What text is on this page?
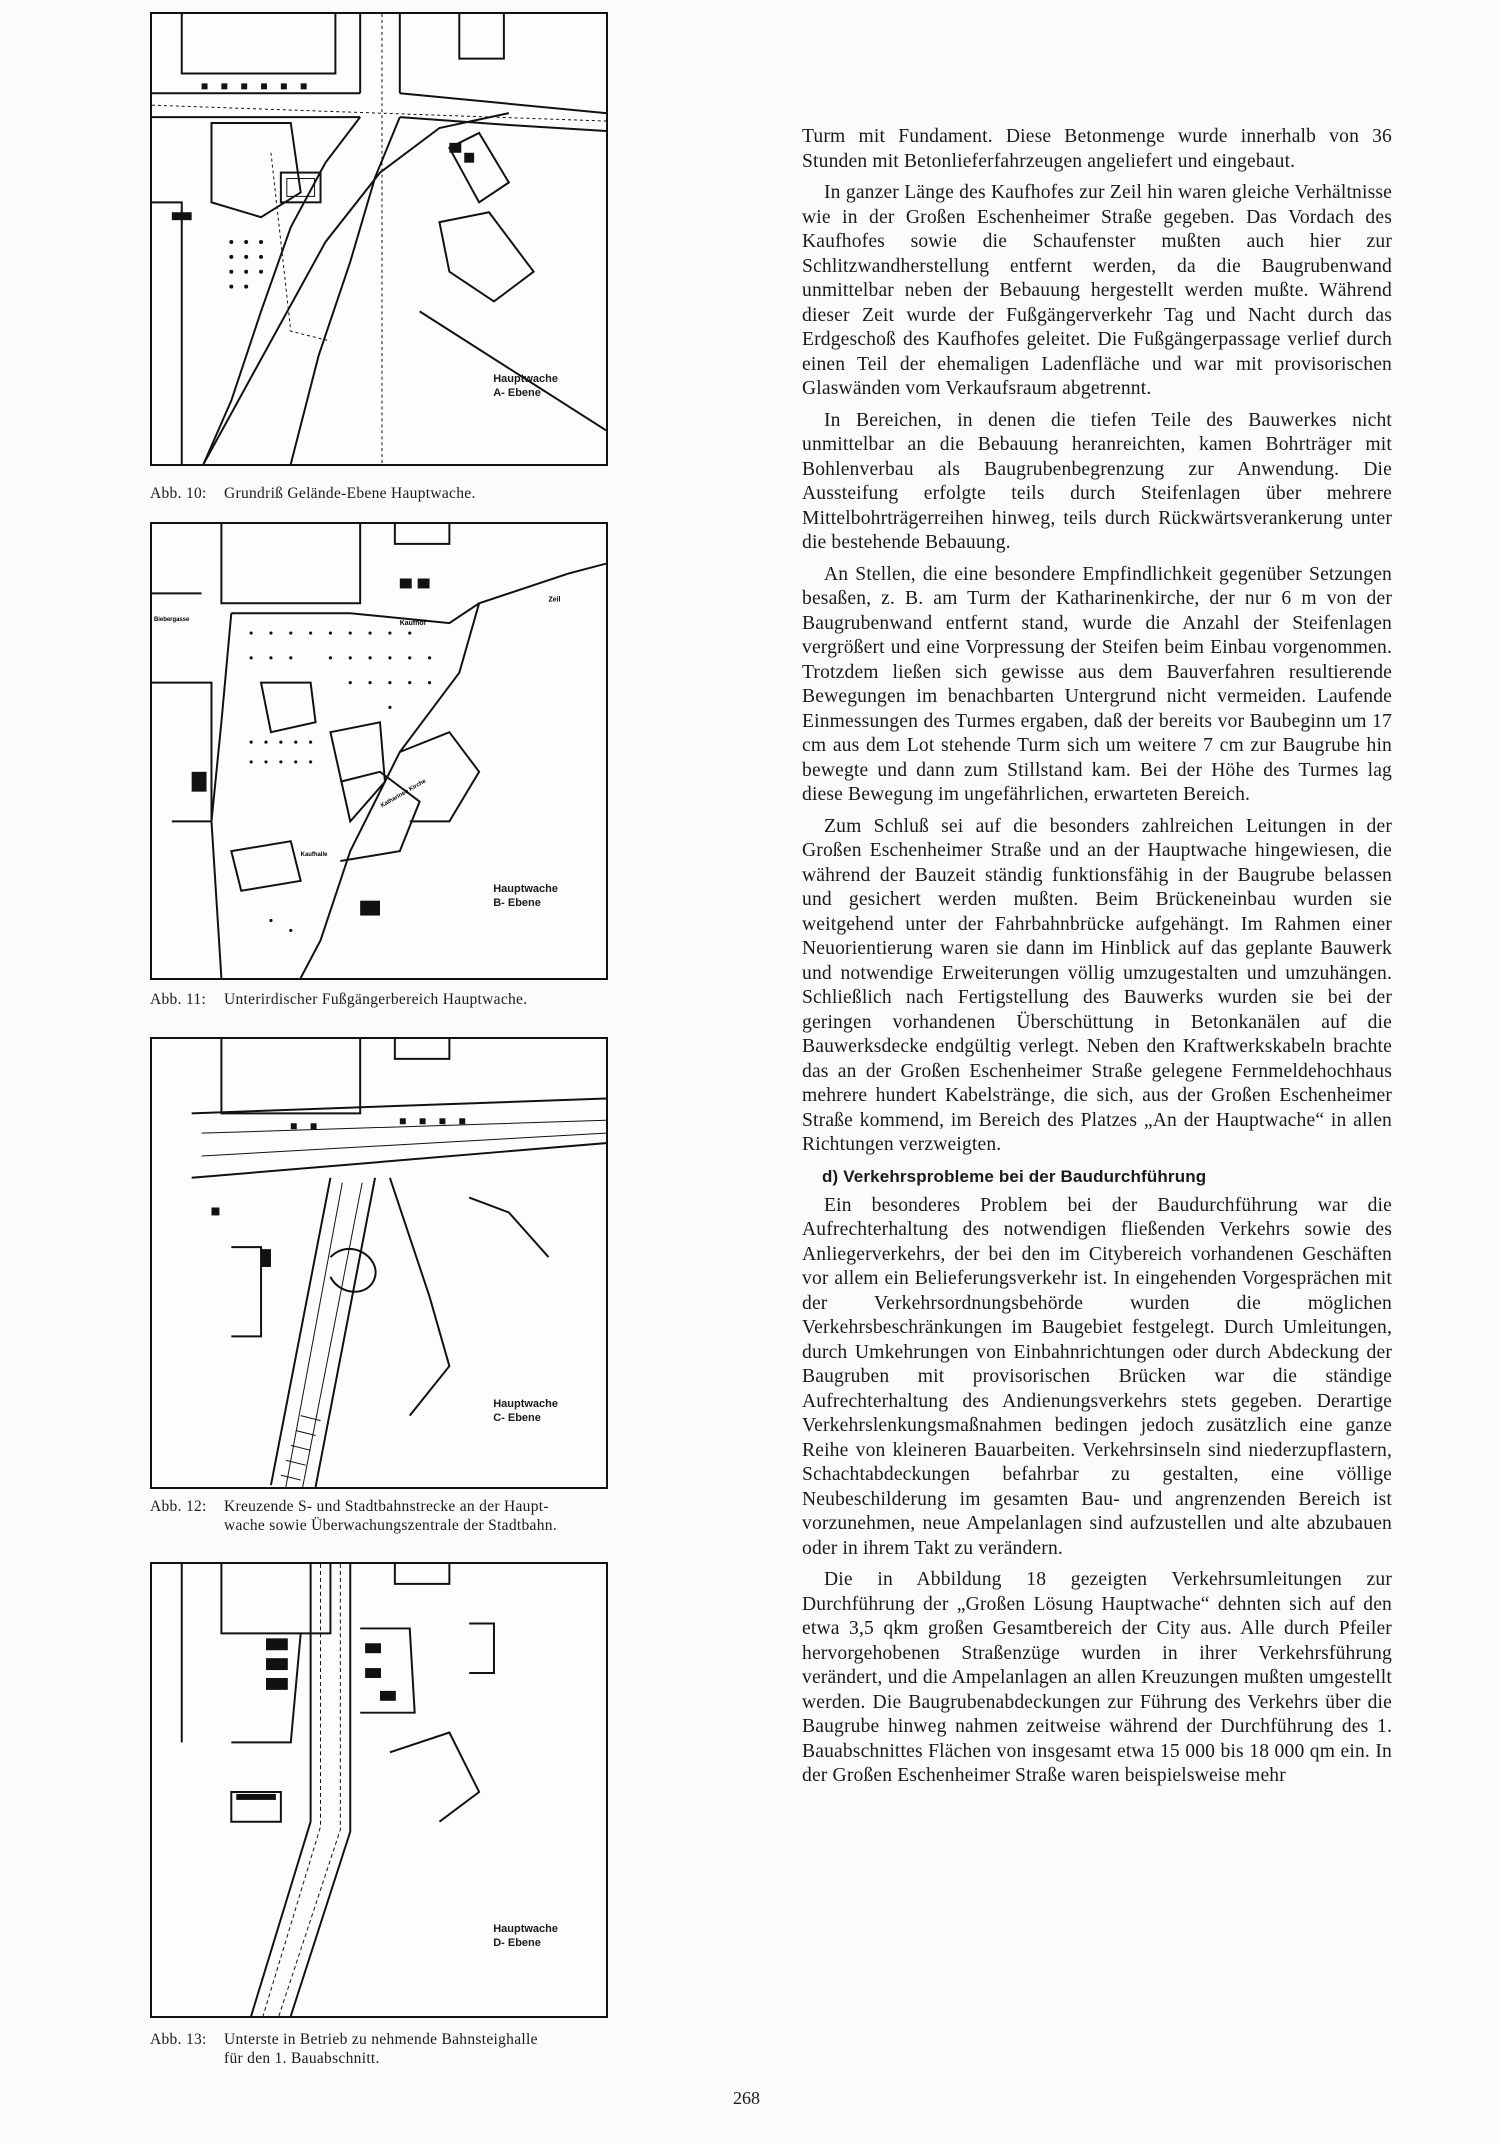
Hauptwache
A- Ebene
Abb. 10: Grundriß Gelände-Ebene Hauptwache.
Biebergasse	Kaufhof
Zeil
Katharinen Kirche
Kaufhalle
Hauptwache
B- Ebene
Abb. 11: Unterirdischer Fußgängerbereich Hauptwache.
Hauptwache
C- Ebene
Abb. 12: Kreuzende S- und Stadtbahnstrecke an der Haupt-
wache sowie Überwachungszentrale der Stadtbahn.
Hauptwache
D- Ebene
Abb. 13: Unterste in Betrieb zu nehmende Bahnsteighalle
für den 1. Bauabschnitt.

Turm mit Fundament. Diese Betonmenge wurde innerhalb von 36 Stunden mit Betonlieferfahrzeugen angeliefert und eingebaut.

In ganzer Länge des Kaufhofes zur Zeil hin waren gleiche Verhältnisse wie in der Großen Eschenheimer Straße gegeben. Das Vordach des Kaufhofes sowie die Schaufenster mußten auch hier zur Schlitzwandherstellung entfernt werden, da die Baugrubenwand unmittelbar neben der Bebauung hergestellt werden mußte. Während dieser Zeit wurde der Fußgängerverkehr Tag und Nacht durch das Erdgeschoß des Kaufhofes geleitet. Die Fußgängerpassage verlief durch einen Teil der ehemaligen Ladenfläche und war mit provisorischen Glaswänden vom Verkaufsraum abgetrennt.

In Bereichen, in denen die tiefen Teile des Bauwerkes nicht unmittelbar an die Bebauung heranreichten, kamen Bohrträger mit Bohlenverbau als Baugrubenbegrenzung zur Anwendung. Die Aussteifung erfolgte teils durch Steifenlagen über mehrere Mittelbohrträgerreihen hinweg, teils durch Rückwärtsverankerung unter die bestehende Bebauung.

An Stellen, die eine besondere Empfindlichkeit gegenüber Setzungen besaßen, z. B. am Turm der Katharinenkirche, der nur 6 m von der Baugrubenwand entfernt stand, wurde die Anzahl der Steifenlagen vergrößert und eine Vorpressung der Steifen beim Einbau vorgenommen. Trotzdem ließen sich gewisse aus dem Bauverfahren resultierende Bewegungen im benachbarten Untergrund nicht vermeiden. Laufende Einmessungen des Turmes ergaben, daß der bereits vor Baubeginn um 17 cm aus dem Lot stehende Turm sich um weitere 7 cm zur Baugrube hin bewegte und dann zum Stillstand kam. Bei der Höhe des Turmes lag diese Bewegung im ungefährlichen, erwarteten Bereich.

Zum Schluß sei auf die besonders zahlreichen Leitungen in der Großen Eschenheimer Straße und an der Hauptwache hingewiesen, die während der Bauzeit ständig funktionsfähig in der Baugrube belassen und gesichert werden mußten. Beim Brückeneinbau wurden sie weitgehend unter der Fahrbahnbrücke aufgehängt. Im Rahmen einer Neuorientierung waren sie dann im Hinblick auf das geplante Bauwerk und notwendige Erweiterungen völlig umzugestalten und umzuhängen. Schließlich nach Fertigstellung des Bauwerks wurden sie bei der geringen vorhandenen Überschüttung in Betonkanälen auf die Bauwerksdecke endgültig verlegt. Neben den Kraftwerkskabeln brachte das an der Großen Eschenheimer Straße gelegene Fernmeldehochhaus mehrere hundert Kabelstränge, die sich, aus der Großen Eschenheimer Straße kommend, im Bereich des Platzes „An der Hauptwache“ in allen Richtungen verzweigten.

d) Verkehrsprobleme bei der Baudurchführung

Ein besonderes Problem bei der Baudurchführung war die Aufrechterhaltung des notwendigen fließenden Verkehrs sowie des Anliegerverkehrs, der bei den im Citybereich vorhandenen Geschäften vor allem ein Belieferungsverkehr ist. In eingehenden Vorgesprächen mit der Verkehrsordnungsbehörde wurden die möglichen Verkehrsbeschränkungen im Baugebiet festgelegt. Durch Umleitungen, durch Umkehrungen von Einbahnrichtungen oder durch Abdeckung der Baugruben mit provisorischen Brücken war die ständige Aufrechterhaltung des Andienungsverkehrs stets gegeben. Derartige Verkehrslenkungsmaßnahmen bedingen jedoch zusätzlich eine ganze Reihe von kleineren Bauarbeiten. Verkehrsinseln sind niederzupflastern, Schachtabdeckungen befahrbar zu gestalten, eine völlige Neubeschilderung im gesamten Bau- und angrenzenden Bereich ist vorzunehmen, neue Ampelanlagen sind aufzustellen und alte abzubauen oder in ihrem Takt zu verändern.

Die in Abbildung 18 gezeigten Verkehrsumleitungen zur Durchführung der „Großen Lösung Hauptwache“ dehnten sich auf den etwa 3,5 qkm großen Gesamtbereich der City aus. Alle durch Pfeiler hervorgehobenen Straßenzüge wurden in ihrer Verkehrsführung verändert, und die Ampelanlagen an allen Kreuzungen mußten umgestellt werden. Die Baugrubenabdeckungen zur Führung des Verkehrs über die Baugrube hinweg nahmen zeitweise während der Durchführung des 1. Bauabschnittes Flächen von insgesamt etwa 15 000 bis 18 000 qm ein. In der Großen Eschenheimer Straße waren beispielsweise mehr

268
